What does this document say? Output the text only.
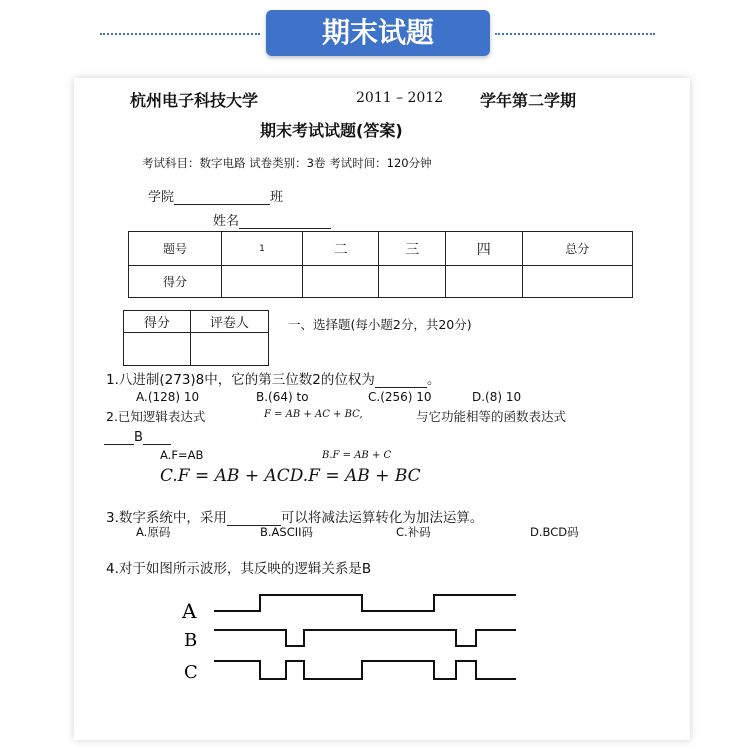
期末试题
杭州电子科技大学	2011 – 2012 学年第二学期
期末考试试题(答案)
考试科目：数字电路 试卷类别：3卷 考试时间：120分钟
学院	班
姓名
题号	1	二	三	四	总分
得分					
得分	评卷人
		一、选择题(每小题2分，共20分)
1.八进制(273)8中，它的第三位数2的位权为	。
A.(128) 10	B.(64) to	C.(256) 10	D.(8) 10
2.已知逻辑表达式	F = AB + AC + BC,	与它功能相等的函数表达式
B
A.F=AB	B.F = AB + C
C.F = AB + ACD.F = AB + BC
3.数字系统中，采用	可以将减法运算转化为加法运算。
A.原码	B.ASCII码	C.补码	D.BCD码
4.对于如图所示波形，其反映的逻辑关系是B
A
B
C
